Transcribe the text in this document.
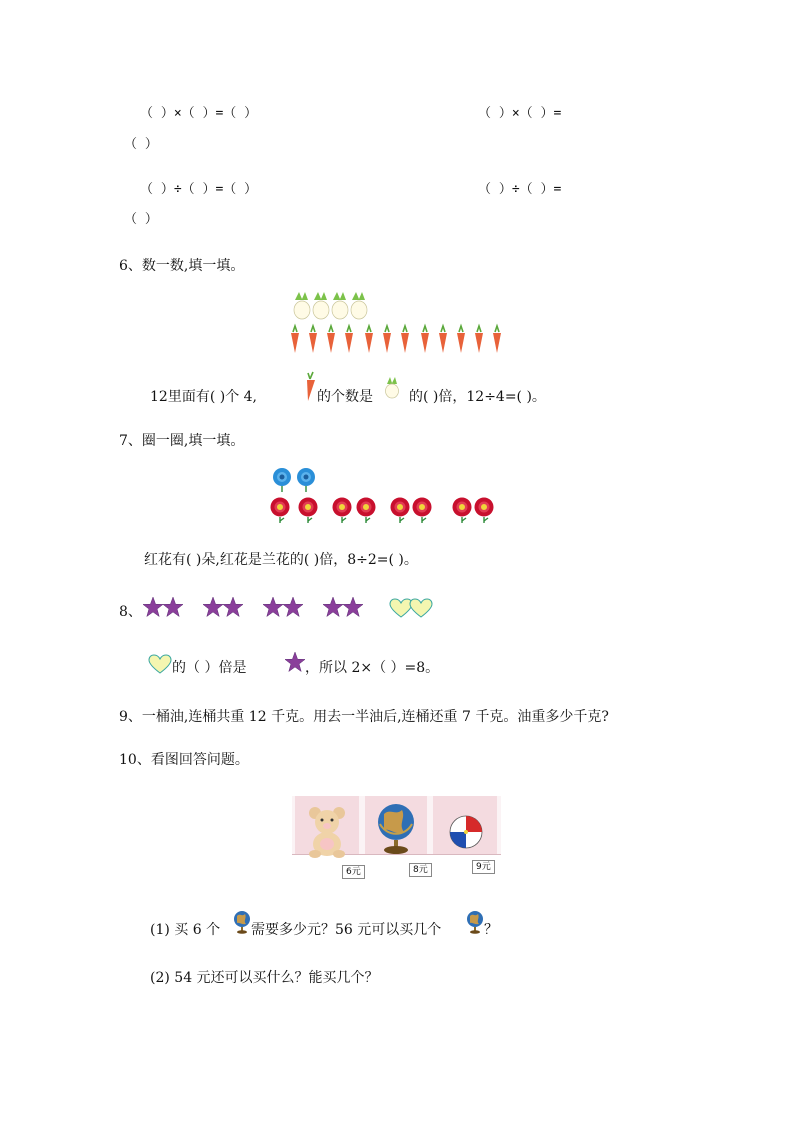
（ ）×（ ）=（ ）	（ ）×（ ）=
（ ）
（ ）÷（ ）=（ ）	（ ）÷（ ）=
（ ）
6、数一数,填一填。
12里面有( )个 4,	的个数是	的( )倍，12÷4=( )。
7、圈一圈,填一填。
红花有( )朵,红花是兰花的( )倍，8÷2=( )。
8、
的（ ）倍是	，所以 2×（ ）=8。
9、一桶油,连桶共重 12 千克。用去一半油后,连桶还重 7 千克。油重多少千克?
10、看图回答问题。
6元	8元	9元
(1) 买 6 个 需要多少元？56 元可以买几个	？
(2) 54 元还可以买什么？能买几个？
